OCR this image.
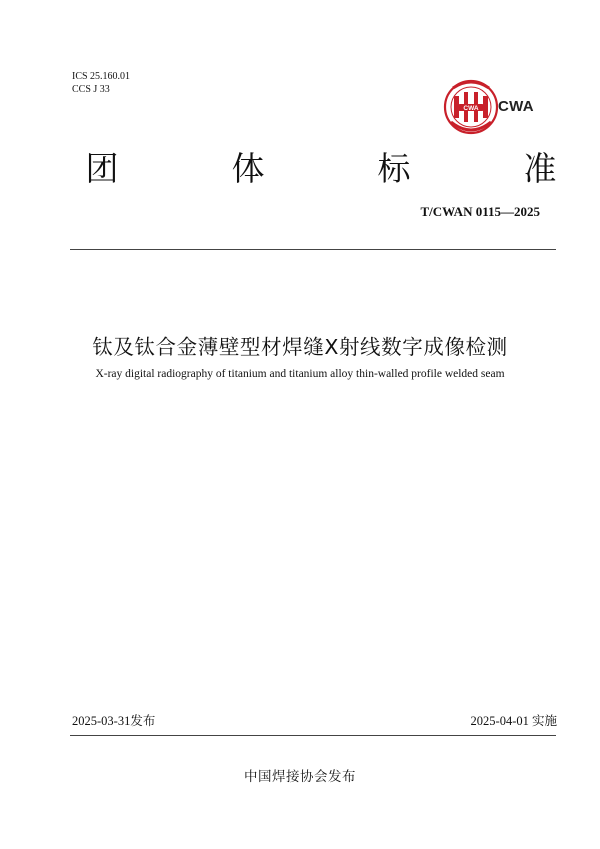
ICS 25.160.01
CCS J 33
CWA CWA
团	体	标	准
T/CWAN 0115—2025
钛及钛合金薄壁型材焊缝X射线数字成像检测
X-ray digital radiography of titanium and titanium alloy thin-walled profile welded seam
2025-03-31发布	2025-04-01 实施
中国焊接协会发布
